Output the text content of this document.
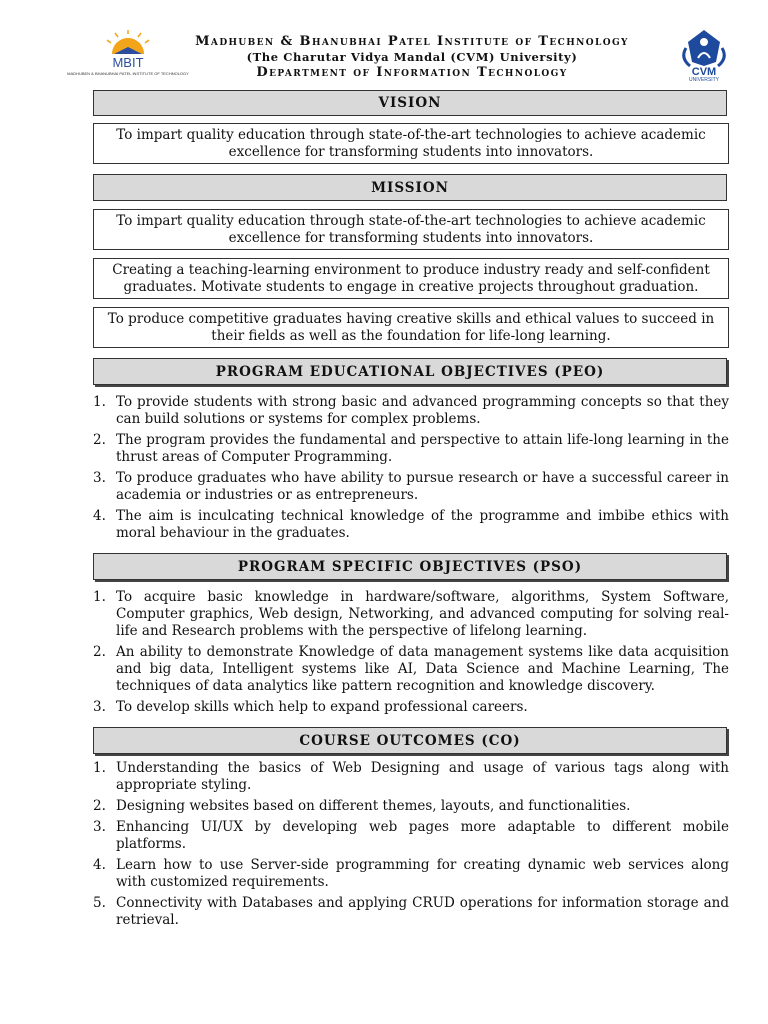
MBIT
MADHUBEN & BHANUBHAI PATEL INSTITUTE OF TECHNOLOGY
Madhuben & Bhanubhai Patel Institute of Technology
(The Charutar Vidya Mandal (CVM) University)
Department of Information Technology	CVM
UNIVERSITY
VISION
To impart quality education through state-of-the-art technologies to achieve academic excellence for transforming students into innovators.
MISSION
To impart quality education through state-of-the-art technologies to achieve academic excellence for transforming students into innovators.
Creating a teaching-learning environment to produce industry ready and self-confident graduates. Motivate students to engage in creative projects throughout graduation.
To produce competitive graduates having creative skills and ethical values to succeed in their fields as well as the foundation for life-long learning.
PROGRAM EDUCATIONAL OBJECTIVES (PEO)
1. To provide students with strong basic and advanced programming concepts so that they can build solutions or systems for complex problems.
2. The program provides the fundamental and perspective to attain life-long learning in the thrust areas of Computer Programming.
3. To produce graduates who have ability to pursue research or have a successful career in academia or industries or as entrepreneurs.
4. The aim is inculcating technical knowledge of the programme and imbibe ethics with moral behaviour in the graduates.
PROGRAM SPECIFIC OBJECTIVES (PSO)
1. To acquire basic knowledge in hardware/software, algorithms, System Software, Computer graphics, Web design, Networking, and advanced computing for solving real-life and Research problems with the perspective of lifelong learning.
2. An ability to demonstrate Knowledge of data management systems like data acquisition and big data, Intelligent systems like AI, Data Science and Machine Learning, The techniques of data analytics like pattern recognition and knowledge discovery.
3. To develop skills which help to expand professional careers.
COURSE OUTCOMES (CO)
1. Understanding the basics of Web Designing and usage of various tags along with appropriate styling.
2. Designing websites based on different themes, layouts, and functionalities.
3. Enhancing UI/UX by developing web pages more adaptable to different mobile platforms.
4. Learn how to use Server-side programming for creating dynamic web services along with customized requirements.
5. Connectivity with Databases and applying CRUD operations for information storage and retrieval.
